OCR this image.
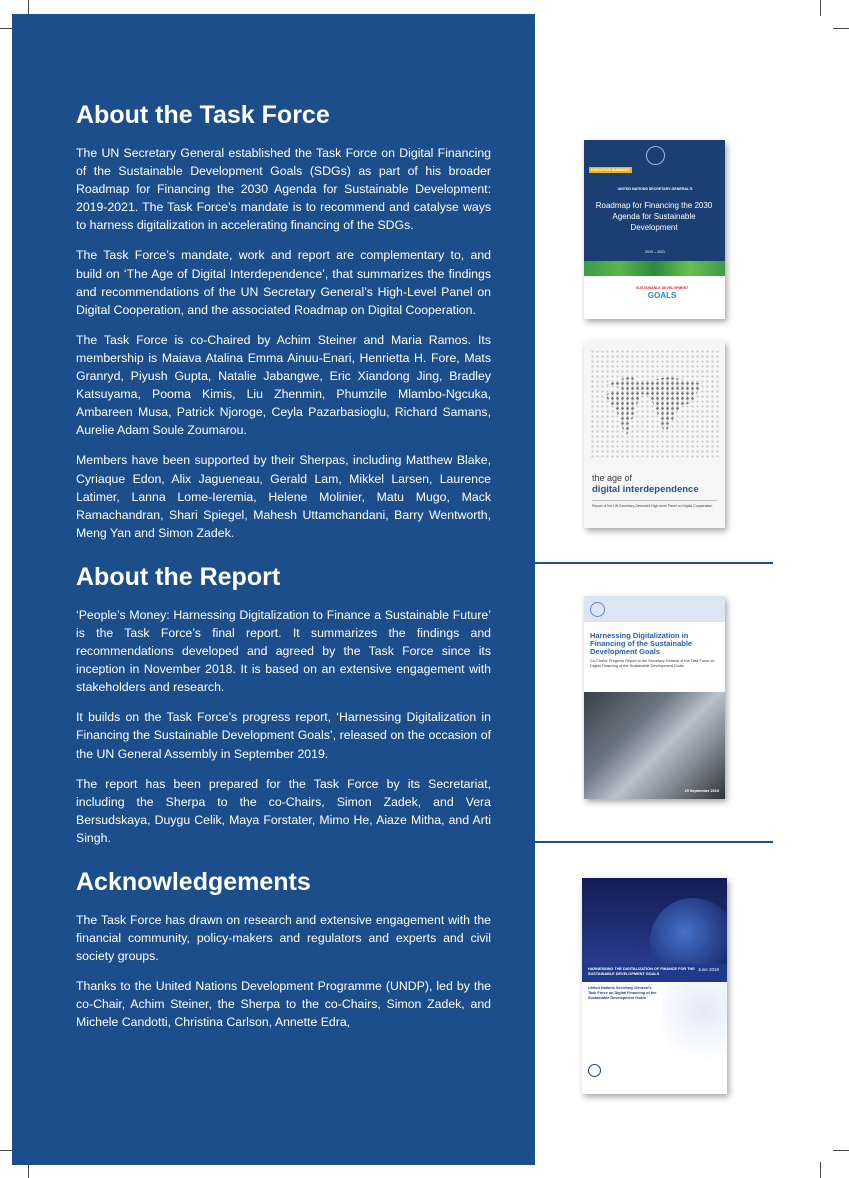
About the Task Force

The UN Secretary General established the Task Force on Digital Financing of the Sustainable Development Goals (SDGs) as part of his broader Roadmap for Financing the 2030 Agenda for Sustainable Development: 2019-2021. The Task Force’s mandate is to recommend and catalyse ways to harness digitalization in accelerating financing of the SDGs.

The Task Force’s mandate, work and report are complementary to, and build on ‘The Age of Digital Interdependence’, that summarizes the findings and recommendations of the UN Secretary General’s High-Level Panel on Digital Cooperation, and the associated Roadmap on Digital Cooperation.

The Task Force is co-Chaired by Achim Steiner and Maria Ramos. Its membership is Maiava Atalina Emma Ainuu-Enari, Henrietta H. Fore, Mats Granryd, Piyush Gupta, Natalie Jabangwe, Eric Xiandong Jing, Bradley Katsuyama, Pooma Kimis, Liu Zhenmin, Phumzile Mlambo-Ngcuka, Ambareen Musa, Patrick Njoroge, Ceyla Pazarbasioglu, Richard Samans, Aurelie Adam Soule Zoumarou.

Members have been supported by their Sherpas, including Matthew Blake, Cyriaque Edon, Alix Jagueneau, Gerald Lam, Mikkel Larsen, Laurence Latimer, Lanna Lome-Ieremia, Helene Molinier, Matu Mugo, Mack Ramachandran, Shari Spiegel, Mahesh Uttamchandani, Barry Wentworth, Meng Yan and Simon Zadek.

About the Report

‘People’s Money: Harnessing Digitalization to Finance a Sustainable Future’ is the Task Force’s final report. It summarizes the findings and recommendations developed and agreed by the Task Force since its inception in November 2018. It is based on an extensive engagement with stakeholders and research.

It builds on the Task Force’s progress report, ‘Harnessing Digitalization in Financing the Sustainable Development Goals’, released on the occasion of the UN General Assembly in September 2019.

The report has been prepared for the Task Force by its Secretariat, including the Sherpa to the co-Chairs, Simon Zadek, and Vera Bersudskaya, Duygu Celik, Maya Forstater, Mimo He, Aiaze Mitha, and Arti Singh.

Acknowledgements

The Task Force has drawn on research and extensive engagement with the financial community, policy-makers and regulators and experts and civil society groups.

Thanks to the United Nations Development Programme (UNDP), led by the co-Chair, Achim Steiner, the Sherpa to the co-Chairs, Simon Zadek, and Michele Candotti, Christina Carlson, Annette Edra,

EXECUTIVE SUMMARY
UNITED NATIONS SECRETARY-GENERAL'S
Roadmap for Financing the 2030 Agenda for Sustainable Development
2019 – 2021
SUSTAINABLE DEVELOPMENT
GOALS
the age of
digital interdependence
Report of the UN Secretary-General's High-level Panel on Digital Cooperation
Harnessing Digitalization in Financing of the Sustainable Development Goals
Co-Chairs' Progress Report to the Secretary-General of the Task Force on Digital Financing of the Sustainable Development Goals
25 September 2019
HARNESSING THE DIGITALIZATION OF FINANCE FOR THE SUSTAINABLE DEVELOPMENT GOALS
June 2019
United Nations Secretary-General's Task Force on Digital Financing of the Sustainable Development Goals
